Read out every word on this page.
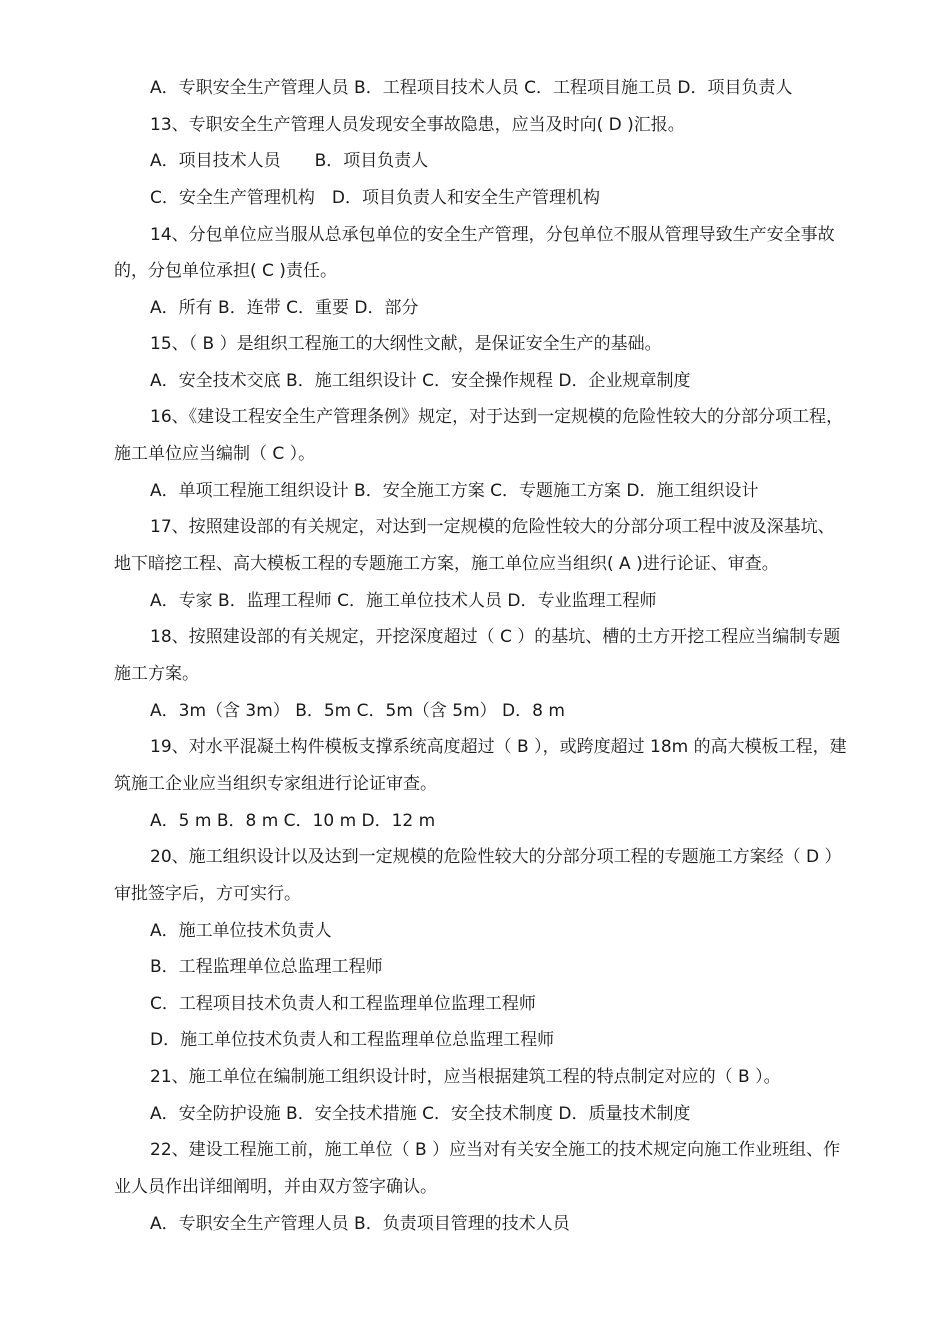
A．专职安全生产管理人员 B．工程项目技术人员 C．工程项目施工员 D．项目负责人
13、专职安全生产管理人员发现安全事故隐患，应当及时向( D )汇报。
A．项目技术人员　　B．项目负责人
C．安全生产管理机构　D．项目负责人和安全生产管理机构
14、分包单位应当服从总承包单位的安全生产管理，分包单位不服从管理导致生产安全事故
的，分包单位承担( C )责任。
A．所有 B．连带 C．重要 D．部分
15、（ B ）是组织工程施工的大纲性文献，是保证安全生产的基础。
A．安全技术交底 B．施工组织设计 C．安全操作规程 D．企业规章制度
16、《建设工程安全生产管理条例》规定，对于达到一定规模的危险性较大的分部分项工程，
施工单位应当编制（ C ）。
A．单项工程施工组织设计 B．安全施工方案 C．专题施工方案 D．施工组织设计
17、按照建设部的有关规定，对达到一定规模的危险性较大的分部分项工程中波及深基坑、
地下暗挖工程、高大模板工程的专题施工方案，施工单位应当组织( A )进行论证、审查。
A．专家 B．监理工程师 C．施工单位技术人员 D．专业监理工程师
18、按照建设部的有关规定，开挖深度超过（ C ）的基坑、槽的土方开挖工程应当编制专题
施工方案。
A．3m（含 3m） B．5m C．5m（含 5m） D．8 m
19、对水平混凝土构件模板支撑系统高度超过（ B ），或跨度超过 18m 的高大模板工程，建
筑施工企业应当组织专家组进行论证审查。
A．5 m B．8 m C．10 m D．12 m
20、施工组织设计以及达到一定规模的危险性较大的分部分项工程的专题施工方案经（ D ）
审批签字后，方可实行。
A．施工单位技术负责人
B．工程监理单位总监理工程师
C．工程项目技术负责人和工程监理单位监理工程师
D．施工单位技术负责人和工程监理单位总监理工程师
21、施工单位在编制施工组织设计时，应当根据建筑工程的特点制定对应的（ B ）。
A．安全防护设施 B．安全技术措施 C．安全技术制度 D．质量技术制度
22、建设工程施工前，施工单位（ B ）应当对有关安全施工的技术规定向施工作业班组、作
业人员作出详细阐明，并由双方签字确认。
A．专职安全生产管理人员 B．负责项目管理的技术人员
